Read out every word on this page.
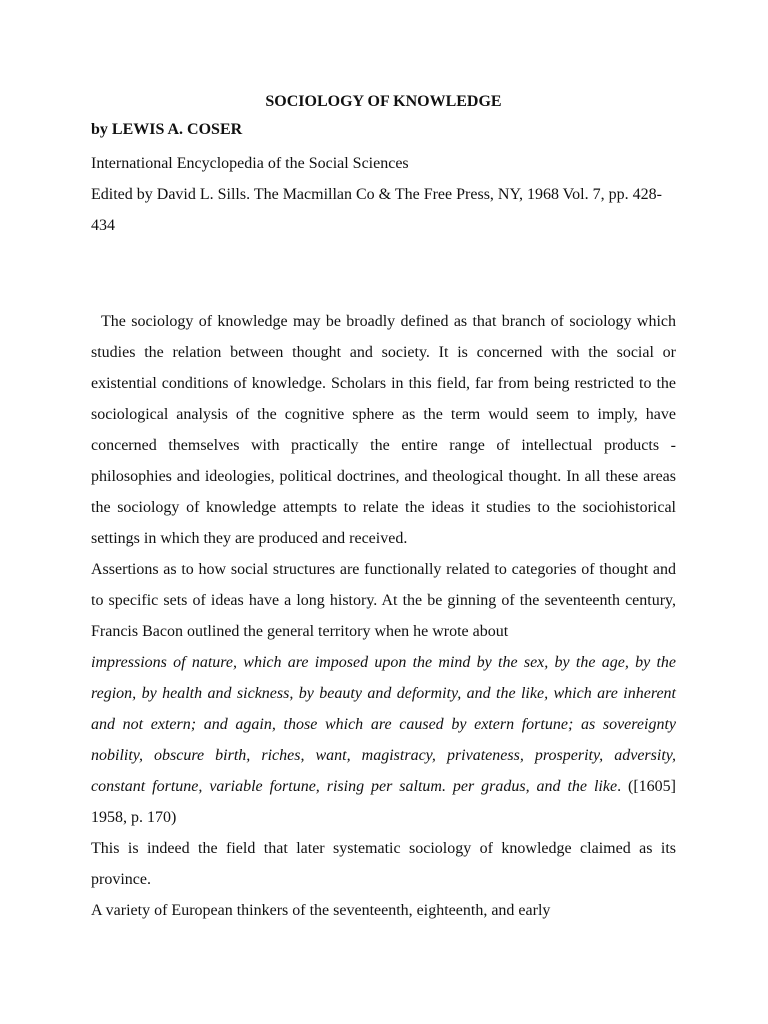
SOCIOLOGY OF KNOWLEDGE
by LEWIS A. COSER

International Encyclopedia of the Social Sciences

Edited by David L. Sills. The Macmillan Co & The Free Press, NY, 1968 Vol. 7, pp. 428-434

The sociology of knowledge may be broadly defined as that branch of sociology which studies the relation between thought and society. It is concerned with the social or existential conditions of knowledge. Scholars in this field, far from being restricted to the sociological analysis of the cognitive sphere as the term would seem to imply, have concerned themselves with practically the entire range of intellectual products - philosophies and ideologies, political doctrines, and theological thought. In all these areas the sociology of knowledge attempts to relate the ideas it studies to the sociohistorical settings in which they are produced and received.

Assertions as to how social structures are functionally related to categories of thought and to specific sets of ideas have a long history. At the be ginning of the seventeenth century, Francis Bacon outlined the general territory when he wrote about

impressions of nature, which are imposed upon the mind by the sex, by the age, by the region, by health and sickness, by beauty and deformity, and the like, which are inherent and not extern; and again, those which are caused by extern fortune; as sovereignty nobility, obscure birth, riches, want, magistracy, privateness, prosperity, adversity, constant fortune, variable fortune, rising per saltum. per gradus, and the like. ([1605] 1958, p. 170)

This is indeed the field that later systematic sociology of knowledge claimed as its province.

A variety of European thinkers of the seventeenth, eighteenth, and early
